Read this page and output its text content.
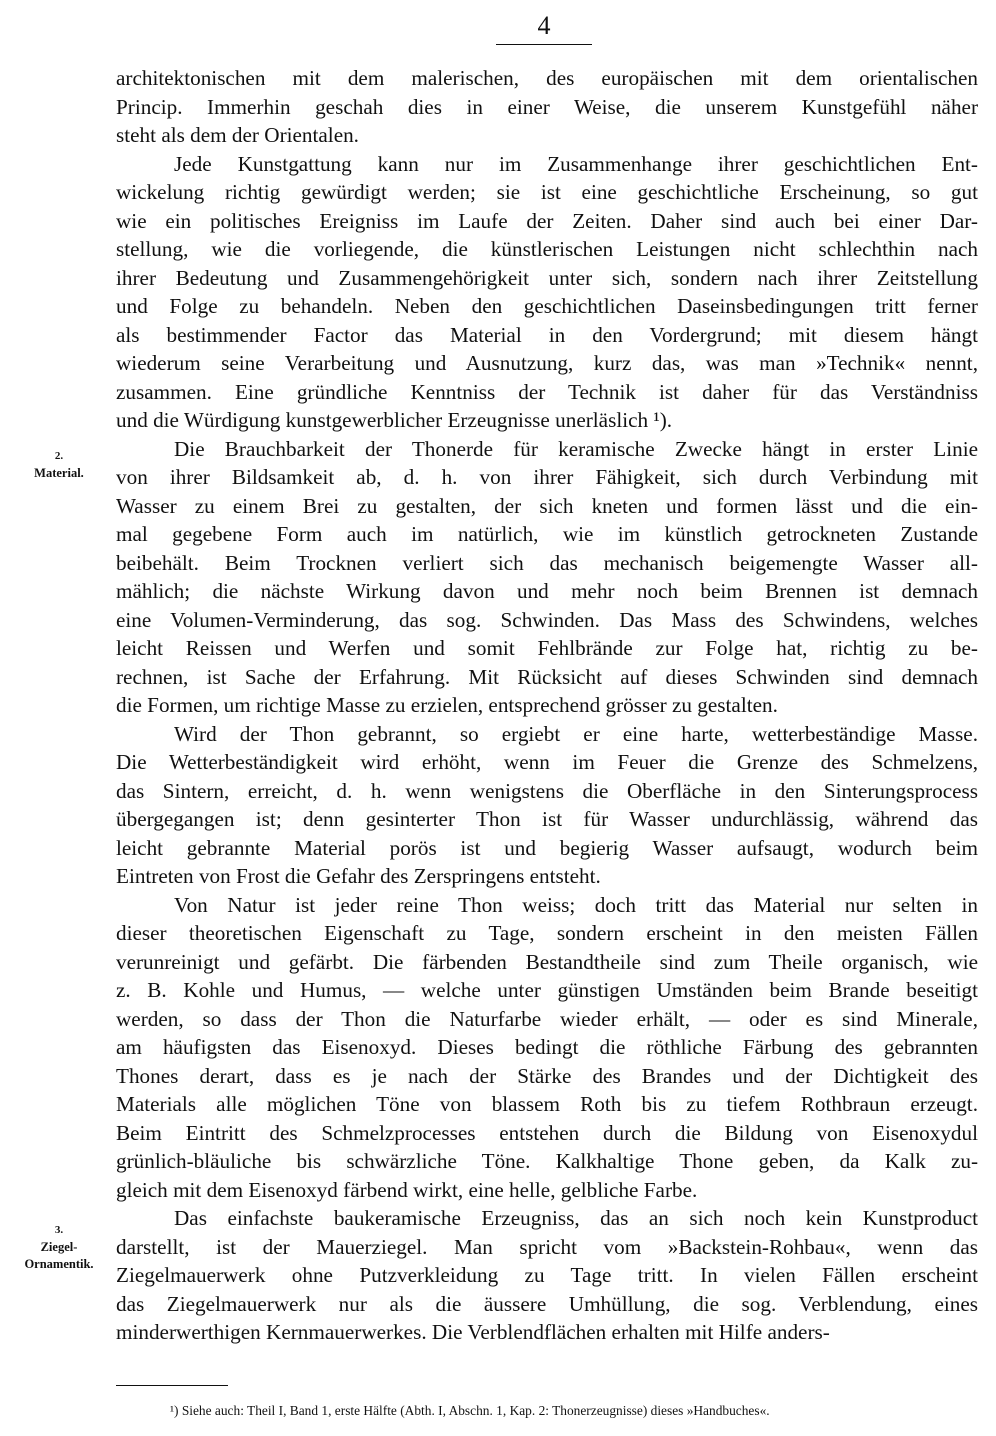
4
2.
Material.
3.
Ziegel-
Ornamentik.
architektonischen mit dem malerischen, des europäischen mit dem orientalischen
Princip. Immerhin geschah dies in einer Weise, die unserem Kunstgefühl näher
steht als dem der Orientalen.
Jede Kunstgattung kann nur im Zusammenhange ihrer geschichtlichen Ent-
wickelung richtig gewürdigt werden; sie ist eine geschichtliche Erscheinung, so gut
wie ein politisches Ereigniss im Laufe der Zeiten. Daher sind auch bei einer Dar-
stellung, wie die vorliegende, die künstlerischen Leistungen nicht schlechthin nach
ihrer Bedeutung und Zusammengehörigkeit unter sich, sondern nach ihrer Zeitstellung
und Folge zu behandeln. Neben den geschichtlichen Daseinsbedingungen tritt ferner
als bestimmender Factor das Material in den Vordergrund; mit diesem hängt
wiederum seine Verarbeitung und Ausnutzung, kurz das, was man »Technik« nennt,
zusammen. Eine gründliche Kenntniss der Technik ist daher für das Verständniss
und die Würdigung kunstgewerblicher Erzeugnisse unerläslich ¹).
Die Brauchbarkeit der Thonerde für keramische Zwecke hängt in erster Linie
von ihrer Bildsamkeit ab, d. h. von ihrer Fähigkeit, sich durch Verbindung mit
Wasser zu einem Brei zu gestalten, der sich kneten und formen lässt und die ein-
mal gegebene Form auch im natürlich, wie im künstlich getrockneten Zustande
beibehält. Beim Trocknen verliert sich das mechanisch beigemengte Wasser all-
mählich; die nächste Wirkung davon und mehr noch beim Brennen ist demnach
eine Volumen-Verminderung, das sog. Schwinden. Das Mass des Schwindens, welches
leicht Reissen und Werfen und somit Fehlbrände zur Folge hat, richtig zu be-
rechnen, ist Sache der Erfahrung. Mit Rücksicht auf dieses Schwinden sind demnach
die Formen, um richtige Masse zu erzielen, entsprechend grösser zu gestalten.
Wird der Thon gebrannt, so ergiebt er eine harte, wetterbeständige Masse.
Die Wetterbeständigkeit wird erhöht, wenn im Feuer die Grenze des Schmelzens,
das Sintern, erreicht, d. h. wenn wenigstens die Oberfläche in den Sinterungsprocess
übergegangen ist; denn gesinterter Thon ist für Wasser undurchlässig, während das
leicht gebrannte Material porös ist und begierig Wasser aufsaugt, wodurch beim
Eintreten von Frost die Gefahr des Zerspringens entsteht.
Von Natur ist jeder reine Thon weiss; doch tritt das Material nur selten in
dieser theoretischen Eigenschaft zu Tage, sondern erscheint in den meisten Fällen
verunreinigt und gefärbt. Die färbenden Bestandtheile sind zum Theile organisch, wie
z. B. Kohle und Humus, — welche unter günstigen Umständen beim Brande beseitigt
werden, so dass der Thon die Naturfarbe wieder erhält, — oder es sind Minerale,
am häufigsten das Eisenoxyd. Dieses bedingt die röthliche Färbung des gebrannten
Thones derart, dass es je nach der Stärke des Brandes und der Dichtigkeit des
Materials alle möglichen Töne von blassem Roth bis zu tiefem Rothbraun erzeugt.
Beim Eintritt des Schmelzprocesses entstehen durch die Bildung von Eisenoxydul
grünlich-bläuliche bis schwärzliche Töne. Kalkhaltige Thone geben, da Kalk zu-
gleich mit dem Eisenoxyd färbend wirkt, eine helle, gelbliche Farbe.
Das einfachste baukeramische Erzeugniss, das an sich noch kein Kunstproduct
darstellt, ist der Mauerziegel. Man spricht vom »Backstein-Rohbau«, wenn das
Ziegelmauerwerk ohne Putzverkleidung zu Tage tritt. In vielen Fällen erscheint
das Ziegelmauerwerk nur als die äussere Umhüllung, die sog. Verblendung, eines
minderwerthigen Kernmauerwerkes. Die Verblendflächen erhalten mit Hilfe anders-
¹) Siehe auch: Theil I, Band 1, erste Hälfte (Abth. I, Abschn. 1, Kap. 2: Thonerzeugnisse) dieses »Handbuches«.
